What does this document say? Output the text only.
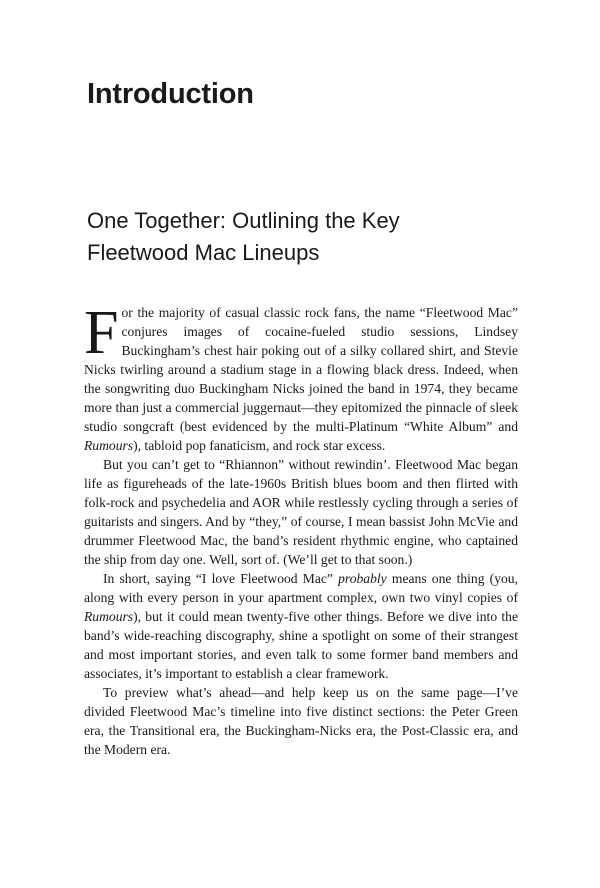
Introduction
One Together: Outlining the Key
Fleetwood Mac Lineups

For the majority of casual classic rock fans, the name “Fleetwood Mac” conjures images of cocaine-fueled studio sessions, Lindsey Buckingham’s chest hair poking out of a silky collared shirt, and Stevie Nicks twirling around a stadium stage in a flowing black dress. Indeed, when the songwriting duo Buckingham Nicks joined the band in 1974, they became more than just a commercial juggernaut—they epitomized the pinnacle of sleek studio songcraft (best evidenced by the multi-Platinum “White Album” and Rumours), tabloid pop fanaticism, and rock star excess.

But you can’t get to “Rhiannon” without rewindin’. Fleetwood Mac began life as figureheads of the late-1960s British blues boom and then flirted with folk-rock and psychedelia and AOR while restlessly cycling through a series of guitarists and singers. And by “they,” of course, I mean bassist John McVie and drummer Fleetwood Mac, the band’s resident rhythmic engine, who captained the ship from day one. Well, sort of. (We’ll get to that soon.)

In short, saying “I love Fleetwood Mac” probably means one thing (you, along with every person in your apartment complex, own two vinyl copies of Rumours), but it could mean twenty-five other things. Before we dive into the band’s wide-reaching discography, shine a spotlight on some of their strangest and most important stories, and even talk to some former band members and associates, it’s important to establish a clear framework.

To preview what’s ahead—and help keep us on the same page—I’ve divided Fleetwood Mac’s timeline into five distinct sections: the Peter Green era, the Transitional era, the Buckingham-Nicks era, the Post-Classic era, and the Modern era.
